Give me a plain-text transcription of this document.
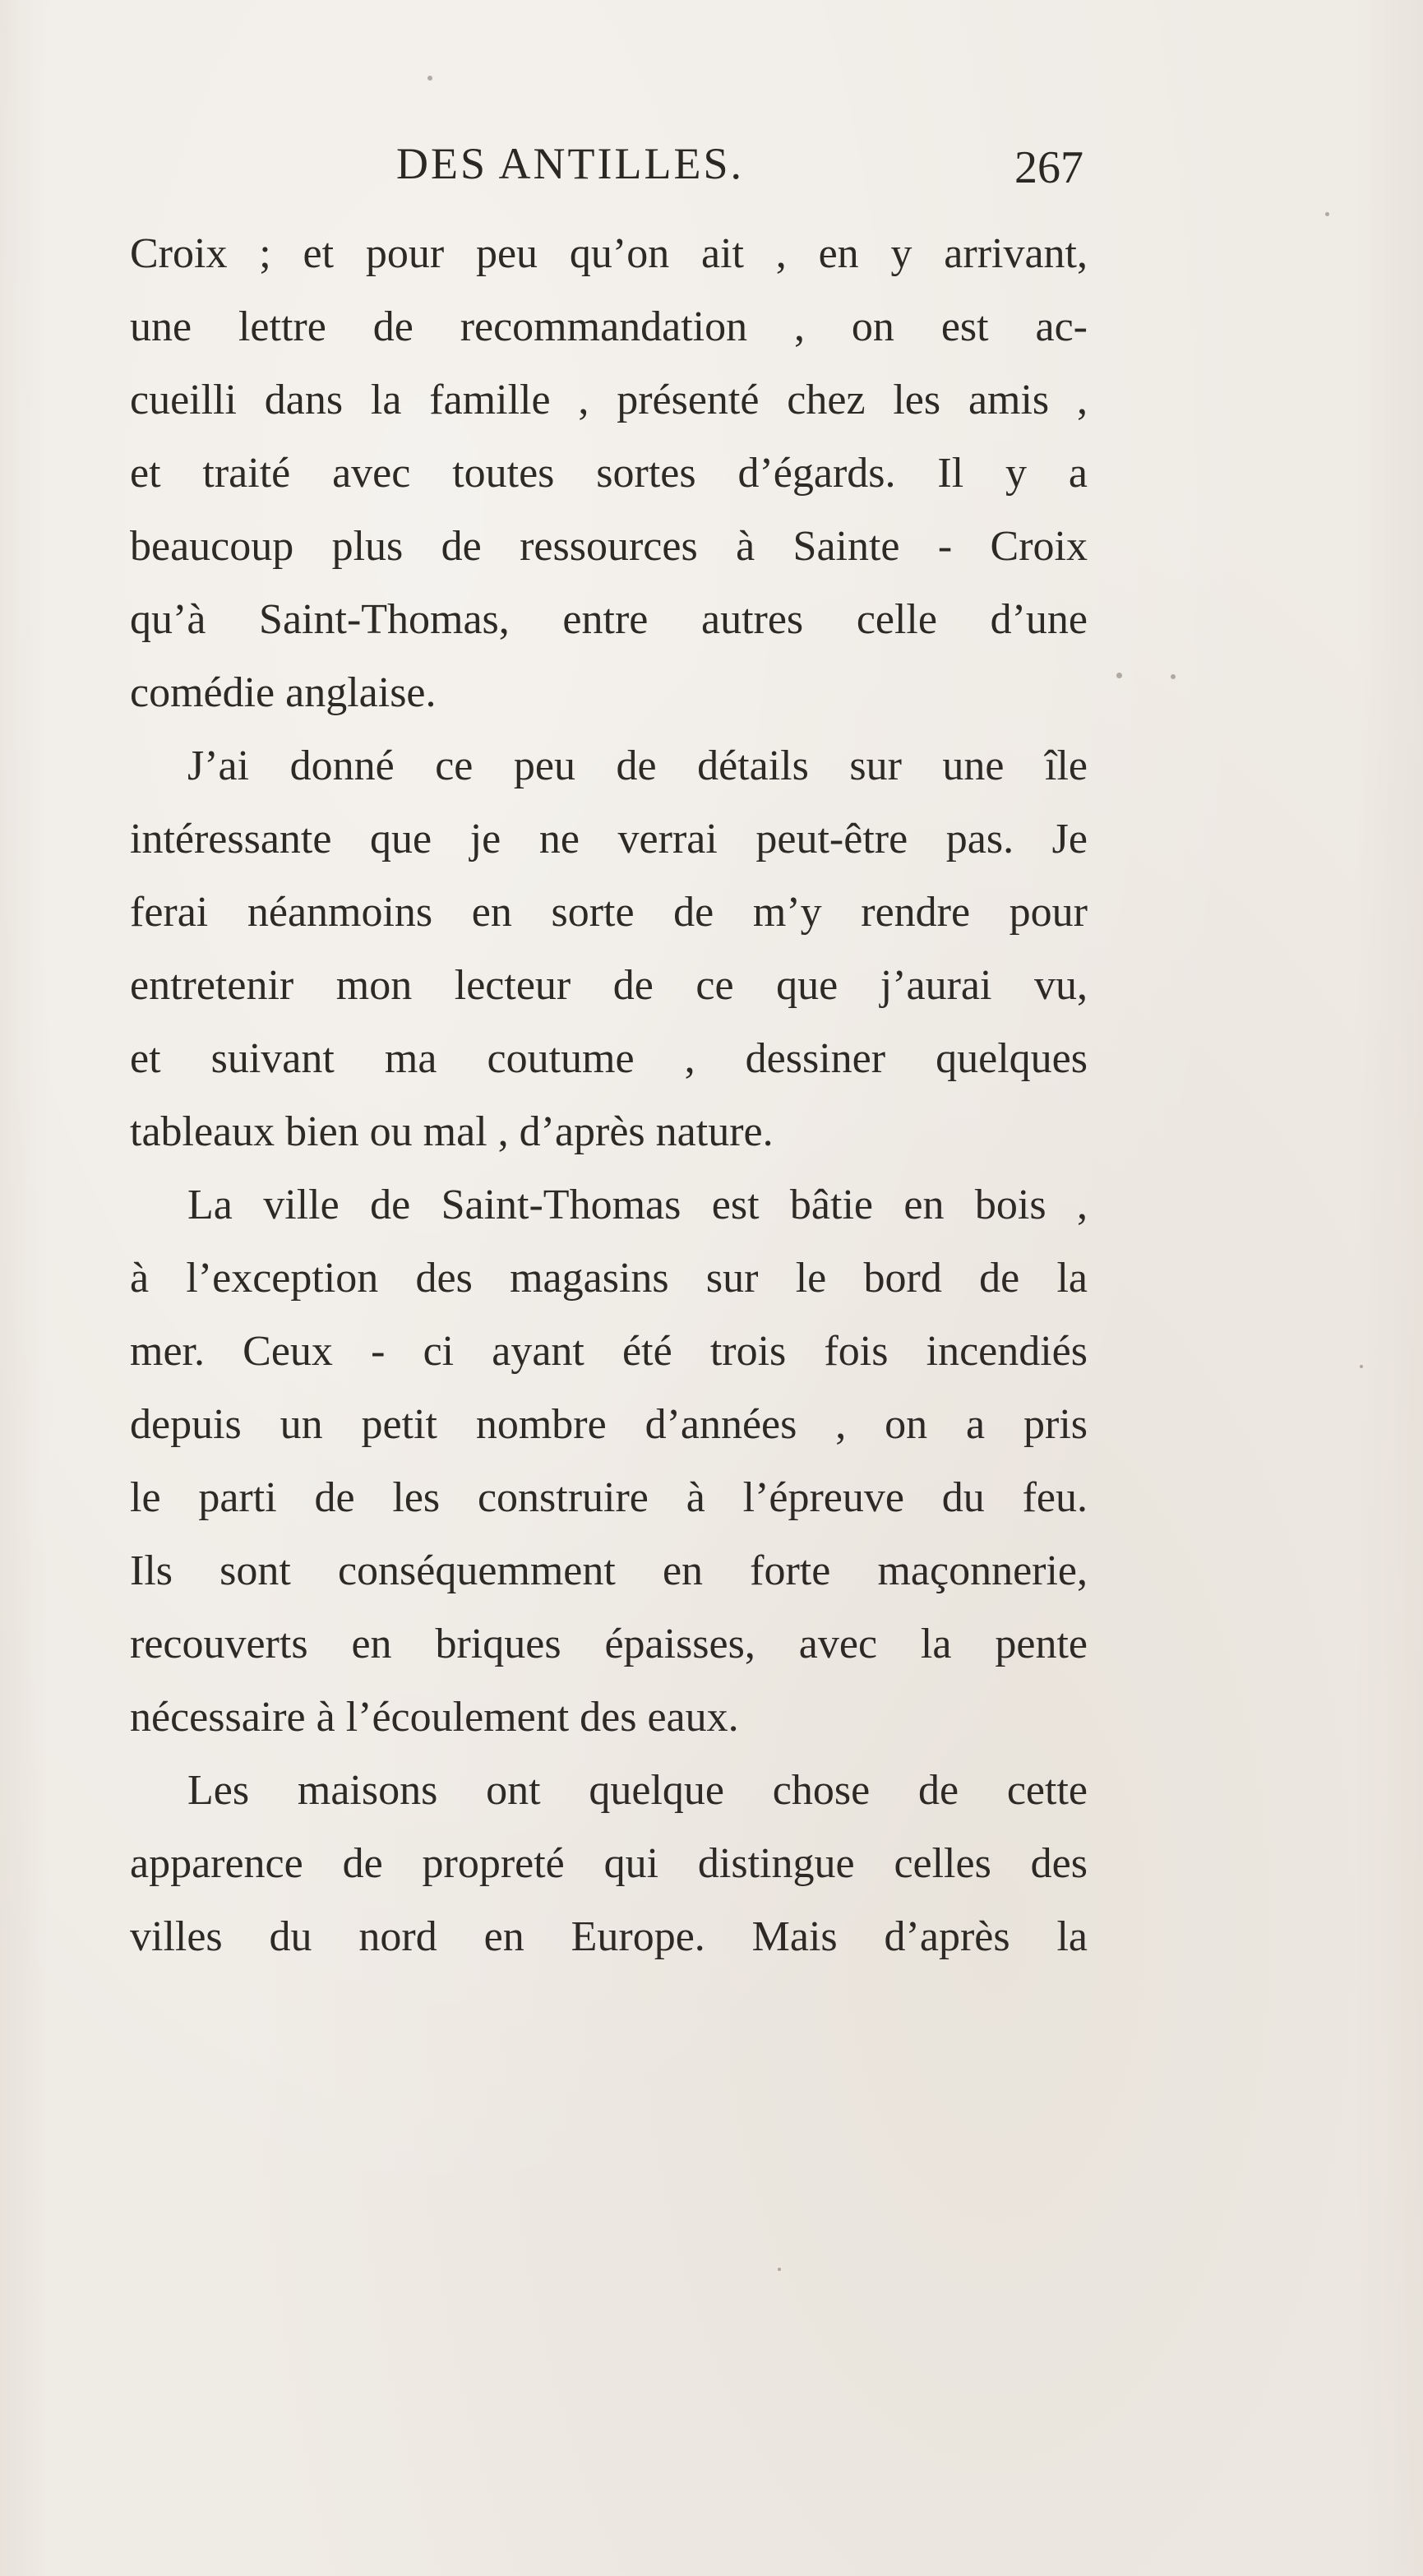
DES ANTILLES.	267
Croix ; et pour peu qu’on ait , en y arrivant,
une lettre de recommandation , on est ac-
cueilli dans la famille , présenté chez les amis ,
et traité avec toutes sortes d’égards. Il y a
beaucoup plus de ressources à Sainte - Croix
qu’à Saint-Thomas, entre autres celle d’une
comédie anglaise.
J’ai donné ce peu de détails sur une île
intéressante que je ne verrai peut-être pas. Je
ferai néanmoins en sorte de m’y rendre pour
entretenir mon lecteur de ce que j’aurai vu,
et suivant ma coutume , dessiner quelques
tableaux bien ou mal , d’après nature.
La ville de Saint-Thomas est bâtie en bois ,
à l’exception des magasins sur le bord de la
mer. Ceux - ci ayant été trois fois incendiés
depuis un petit nombre d’années , on a pris
le parti de les construire à l’épreuve du feu.
Ils sont conséquemment en forte maçonnerie,
recouverts en briques épaisses, avec la pente
nécessaire à l’écoulement des eaux.
Les maisons ont quelque chose de cette
apparence de propreté qui distingue celles des
villes du nord en Europe. Mais d’après la
